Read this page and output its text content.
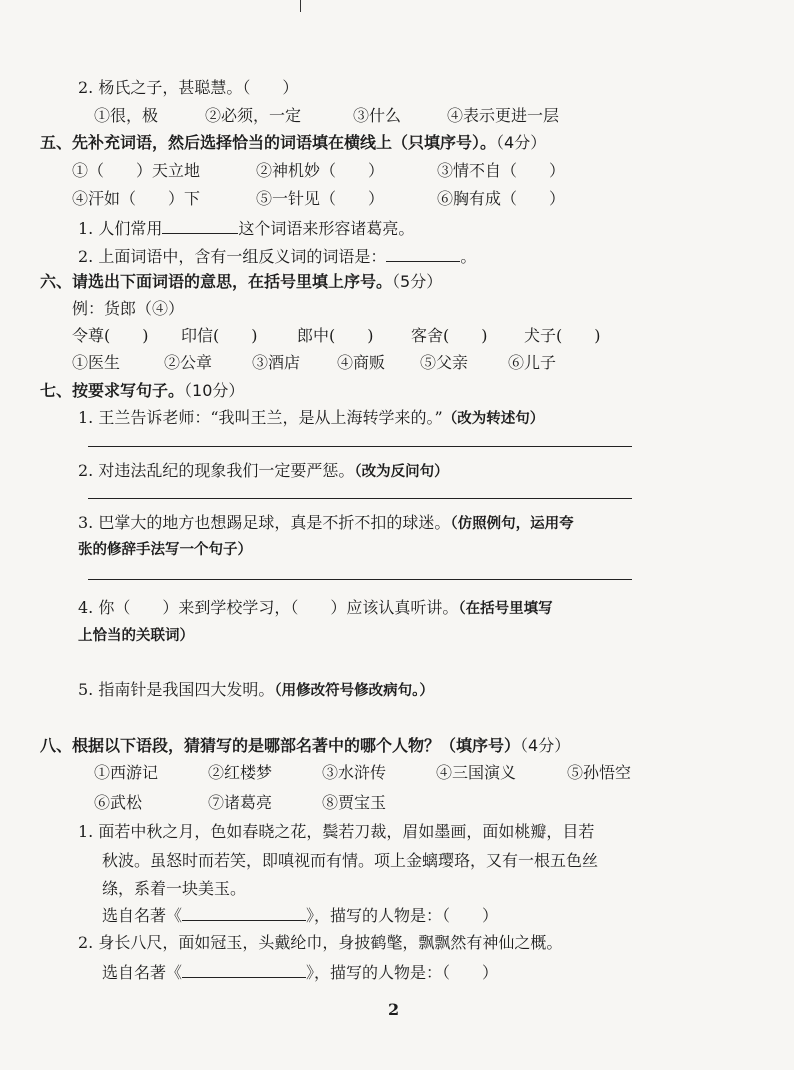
2. 杨氏之子，甚聪慧。（　　）
①很，极	②必须，一定	③什么	④表示更进一层
五、先补充词语，然后选择恰当的词语填在横线上（只填序号）。（4分）
①（　　）天立地	②神机妙（　　）	③情不自（　　）
④汗如（　　）下	⑤一针见（　　）	⑥胸有成（　　）
1. 人们常用	这个词语来形容诸葛亮。
2. 上面词语中，含有一组反义词的词语是：	。
六、请选出下面词语的意思，在括号里填上序号。（5分）
例：货郎（④）
令尊(　　) 印信(　　) 郎中(　　) 客舍(　　) 犬子(　　)
①医生	②公章 ③酒店 ④商贩 ⑤父亲 ⑥儿子
七、按要求写句子。（10分）
1. 王兰告诉老师：“我叫王兰，是从上海转学来的。”（改为转述句）
2. 对违法乱纪的现象我们一定要严惩。（改为反问句）
3. 巴掌大的地方也想踢足球，真是不折不扣的球迷。（仿照例句，运用夸
张的修辞手法写一个句子）
4. 你（　　）来到学校学习，（　　）应该认真听讲。（在括号里填写
上恰当的关联词）
5. 指南针是我国四大发明。（用修改符号修改病句。）
八、根据以下语段，猜猜写的是哪部名著中的哪个人物？（填序号）（4分）
①西游记	②红楼梦	③水浒传	④三国演义	⑤孙悟空
⑥武松	⑦诸葛亮	⑧贾宝玉
1. 面若中秋之月，色如春晓之花，鬓若刀裁，眉如墨画，面如桃瓣，目若
秋波。虽怒时而若笑，即嗔视而有情。项上金螭璎珞，又有一根五色丝
绦，系着一块美玉。
选自名著《	》，描写的人物是：（　　）
2. 身长八尺，面如冠玉，头戴纶巾，身披鹤氅，飘飘然有神仙之概。
选自名著《	》，描写的人物是：（　　）
2
